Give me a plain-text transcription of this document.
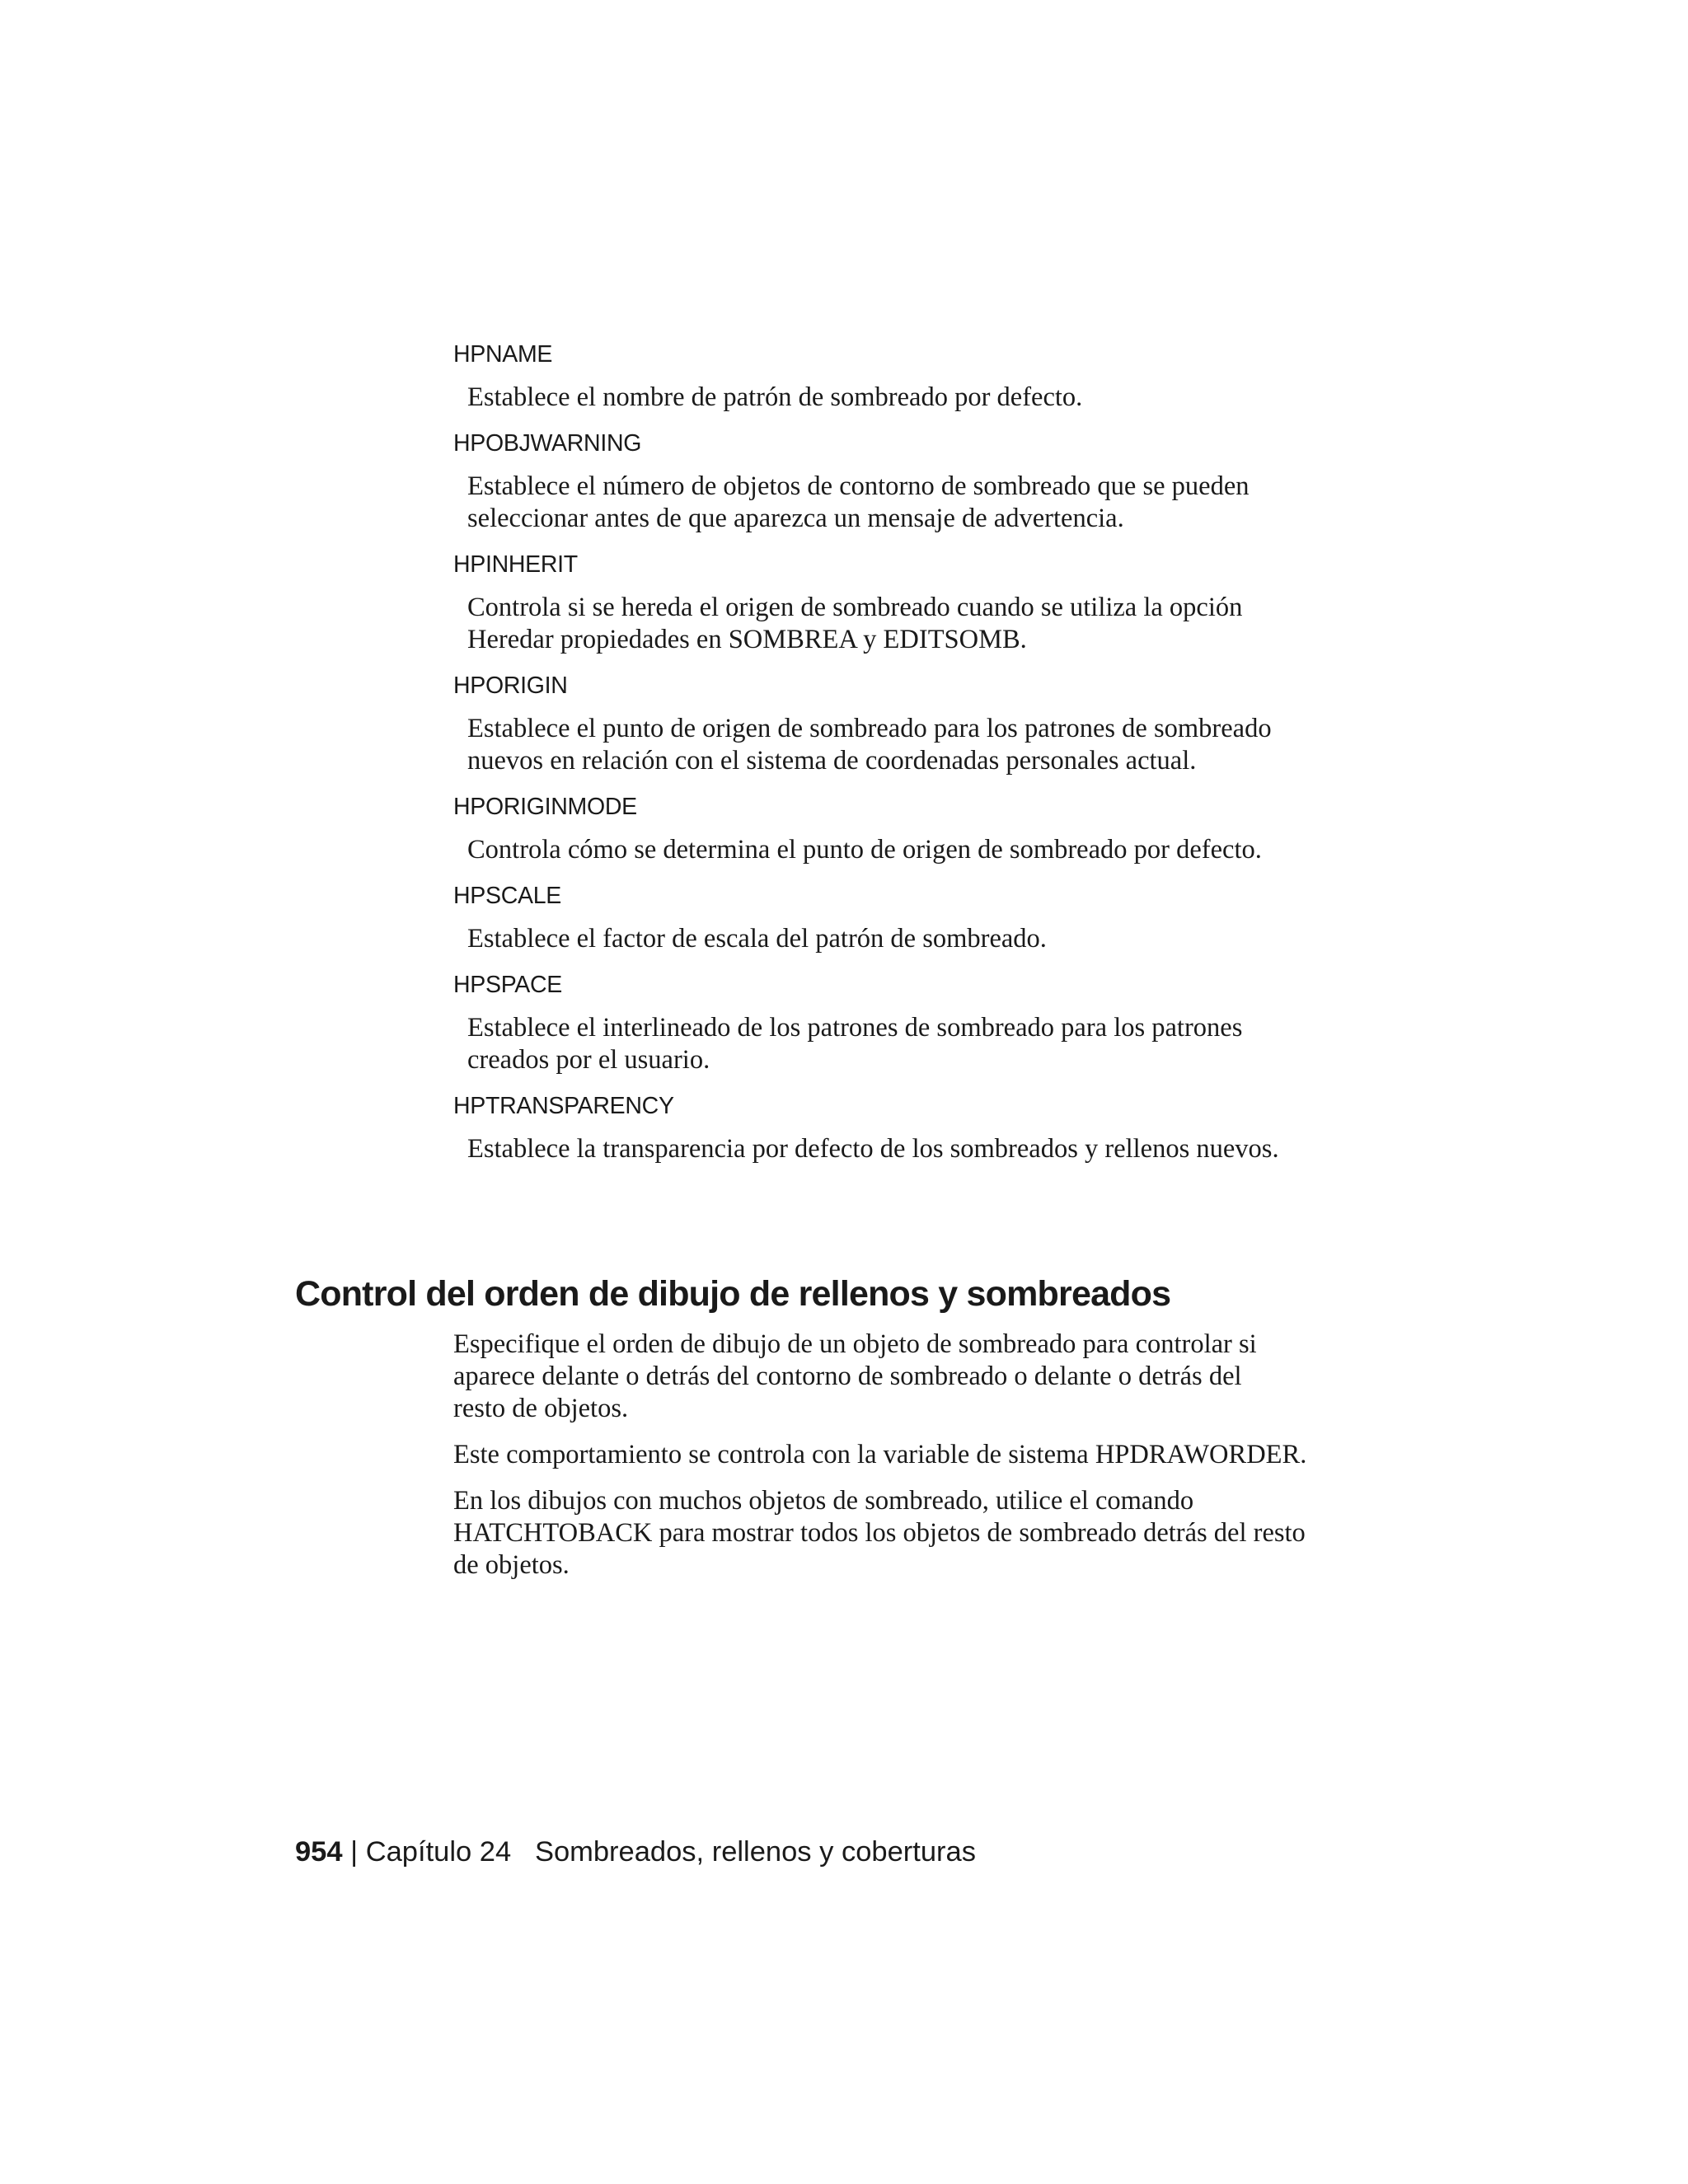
HPNAME
Establece el nombre de patrón de sombreado por defecto.
HPOBJWARNING
Establece el número de objetos de contorno de sombreado que se pueden
seleccionar antes de que aparezca un mensaje de advertencia.
HPINHERIT
Controla si se hereda el origen de sombreado cuando se utiliza la opción
Heredar propiedades en SOMBREA y EDITSOMB.
HPORIGIN
Establece el punto de origen de sombreado para los patrones de sombreado
nuevos en relación con el sistema de coordenadas personales actual.
HPORIGINMODE
Controla cómo se determina el punto de origen de sombreado por defecto.
HPSCALE
Establece el factor de escala del patrón de sombreado.
HPSPACE
Establece el interlineado de los patrones de sombreado para los patrones
creados por el usuario.
HPTRANSPARENCY
Establece la transparencia por defecto de los sombreados y rellenos nuevos.
Control del orden de dibujo de rellenos y sombreados
Especifique el orden de dibujo de un objeto de sombreado para controlar si
aparece delante o detrás del contorno de sombreado o delante o detrás del
resto de objetos.
Este comportamiento se controla con la variable de sistema HPDRAWORDER.
En los dibujos con muchos objetos de sombreado, utilice el comando
HATCHTOBACK para mostrar todos los objetos de sombreado detrás del resto
de objetos.
954 | Capítulo 24 Sombreados, rellenos y coberturas
